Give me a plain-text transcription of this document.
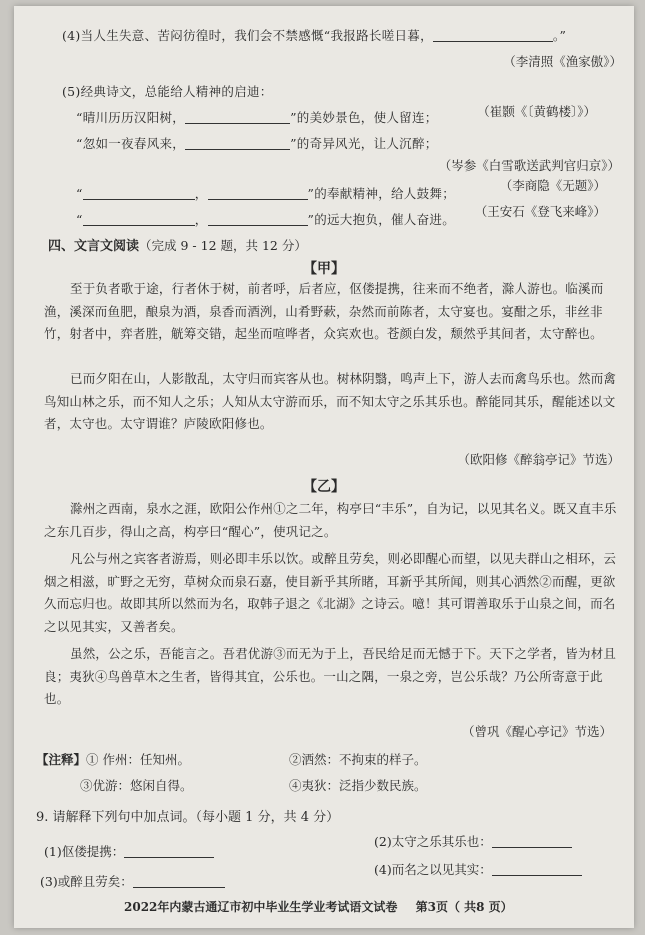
(4)当人生失意、苦闷彷徨时，我们会不禁感慨“我报路长嗟日暮，	。”
（李清照《渔家傲》）
(5)经典诗文，总能给人精神的启迪：
“晴川历历汉阳树，	”的美妙景色，使人留连；	（崔颢《〔黄鹤楼〕》）
“忽如一夜春风来，	”的奇异风光，让人沉醉；
（岑参《白雪歌送武判官归京》）
“	，	”的奉献精神，给人鼓舞；
（李商隐《无题》）
“	，	”的远大抱负，催人奋进。
（王安石《登飞来峰》）
四、文言文阅读（完成 9 - 12 题，共 12 分）
【甲】
至于负者歌于途，行者休于树，前者呼，后者应，伛偻提携，往来而不绝者，滁人游也。临溪而渔，溪深而鱼肥，酿泉为酒，泉香而酒洌，山肴野蔌，杂然而前陈者，太守宴也。宴酣之乐，非丝非竹，射者中，弈者胜，觥筹交错，起坐而喧哗者，众宾欢也。苍颜白发，颓然乎其间者，太守醉也。
已而夕阳在山，人影散乱，太守归而宾客从也。树林阴翳，鸣声上下，游人去而禽鸟乐也。然而禽鸟知山林之乐，而不知人之乐；人知从太守游而乐，而不知太守之乐其乐也。醉能同其乐，醒能述以文者，太守也。太守谓谁？庐陵欧阳修也。
（欧阳修《醉翁亭记》节选）
【乙】
滁州之西南，泉水之涯，欧阳公作州①之二年，构亭曰“丰乐”，自为记，以见其名义。既又直丰乐之东几百步，得山之高，构亭曰“醒心”，使巩记之。
凡公与州之宾客者游焉，则必即丰乐以饮。或醉且劳矣，则必即醒心而望，以见夫群山之相环，云烟之相滋，旷野之无穷，草树众而泉石嘉，使目新乎其所睹，耳新乎其所闻，则其心洒然②而醒，更欲久而忘归也。故即其所以然而为名，取韩子退之《北湖》之诗云。噫！其可谓善取乐于山泉之间，而名之以见其实，又善者矣。
虽然，公之乐，吾能言之。吾君优游③而无为于上，吾民给足而无憾于下。天下之学者，皆为材且良；夷狄④鸟兽草木之生者，皆得其宜，公乐也。一山之隅，一泉之旁，岂公乐哉？乃公所寄意于此也。
（曾巩《醒心亭记》节选）
【注释】① 作州：任知州。	②洒然：不拘束的样子。
③优游：悠闲自得。	④夷狄：泛指少数民族。
9. 请解释下列句中加点词。（每小题 1 分，共 4 分）
(1)伛偻提携：
(2)太守之乐其乐也：
(3)或醉且劳矣：
(4)而名之以见其实：
2022年内蒙古通辽市初中毕业生学业考试语文试卷 第3页（ 共8 页）
